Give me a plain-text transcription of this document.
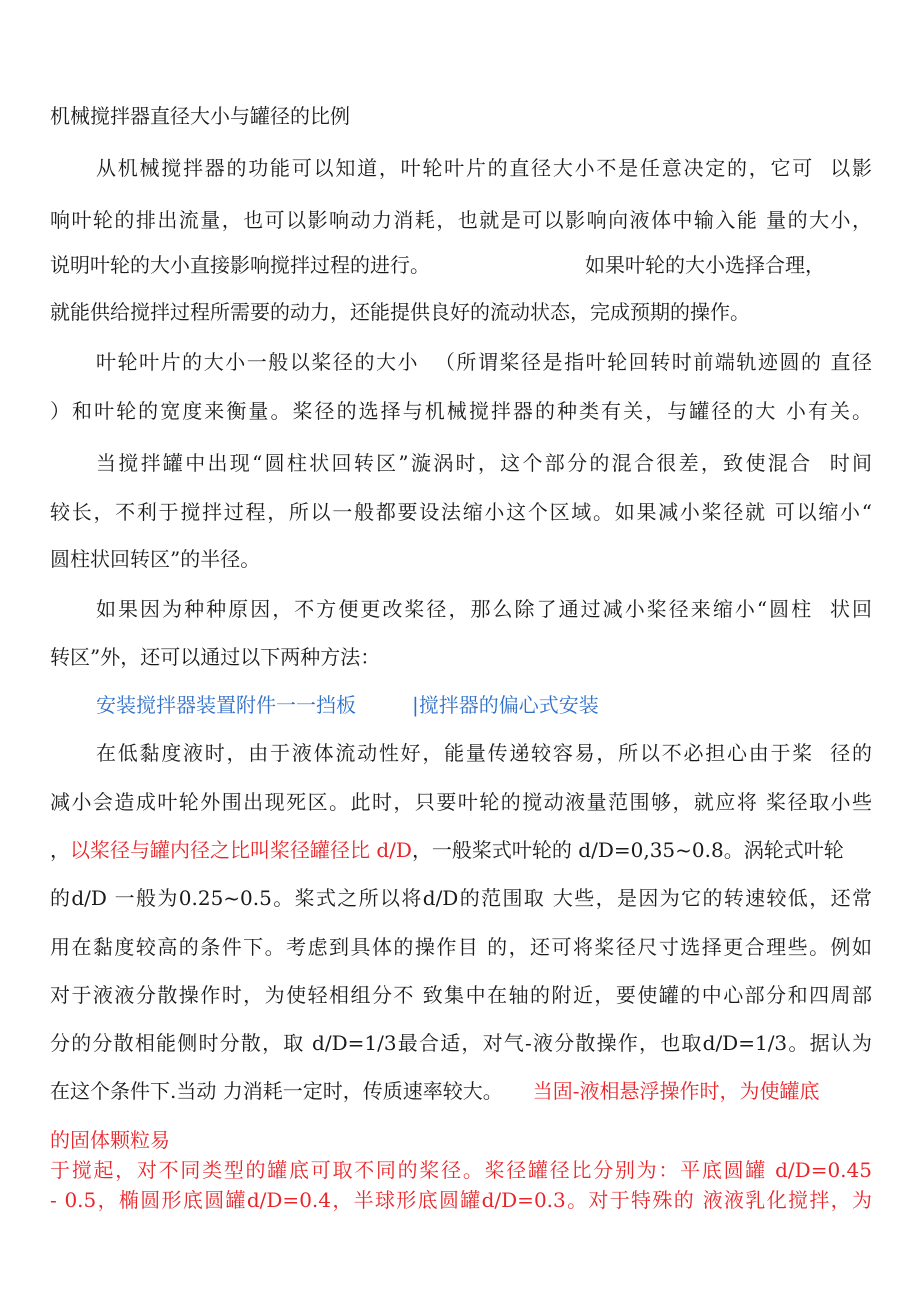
机械搅拌器直径大小与罐径的比例
从机械搅拌器的功能可以知道，叶轮叶片的直径大小不是任意决定的，它可  以影
响叶轮的排出流量，也可以影响动力消耗，也就是可以影响向液体中输入能 量的大小，
说明叶轮的大小直接影响搅拌过程的进行。	如果叶轮的大小选择合理，
就能供给搅拌过程所需要的动力，还能提供良好的流动状态，完成预期的操作。
叶轮叶片的大小一般以桨径的大小  （所谓桨径是指叶轮回转时前端轨迹圆的 直径
）和叶轮的宽度来衡量。桨径的选择与机械搅拌器的种类有关，与罐径的大 小有关。
当搅拌罐中出现“圆柱状回转区”漩涡时，这个部分的混合很差，致使混合  时间
较长，不利于搅拌过程，所以一般都要设法缩小这个区域。如果减小桨径就 可以缩小“
圆柱状回转区”的半径。
如果因为种种原因，不方便更改桨径，那么除了通过减小桨径来缩小“圆柱  状回
转区”外，还可以通过以下两种方法：
安装搅拌器装置附件一一挡板	|搅拌器的偏心式安装
在低黏度液时，由于液体流动性好，能量传递较容易，所以不必担心由于桨  径的
减小会造成叶轮外围出现死区。此时，只要叶轮的搅动液量范围够，就应将 桨径取小些
，以桨径与罐内径之比叫桨径罐径比 d/D，一般桨式叶轮的 d/D=0,35~0.8。涡轮式叶轮
的d/D 一般为0.25~0.5。桨式之所以将d/D的范围取 大些，是因为它的转速较低，还常
用在黏度较高的条件下。考虑到具体的操作目 的，还可将桨径尺寸选择更合理些。例如
对于液液分散操作时，为使轻相组分不 致集中在轴的附近，要使罐的中心部分和四周部
分的分散相能侧时分散，取 d/D=1/3最合适，对气-液分散操作，也取d/D=1/3。据认为
在这个条件下.当动 力消耗一定时，传质速率较大。 当固-液相悬浮操作时，为使罐底
的固体颗粒易
于搅起，对不同类型的罐底可取不同的桨径。桨径罐径比分别为：平底圆罐 d/D=0.45
- 0.5，椭圆形底圆罐d/D=0.4，半球形底圆罐d/D=0.3。对于特殊的 液液乳化搅拌，为
